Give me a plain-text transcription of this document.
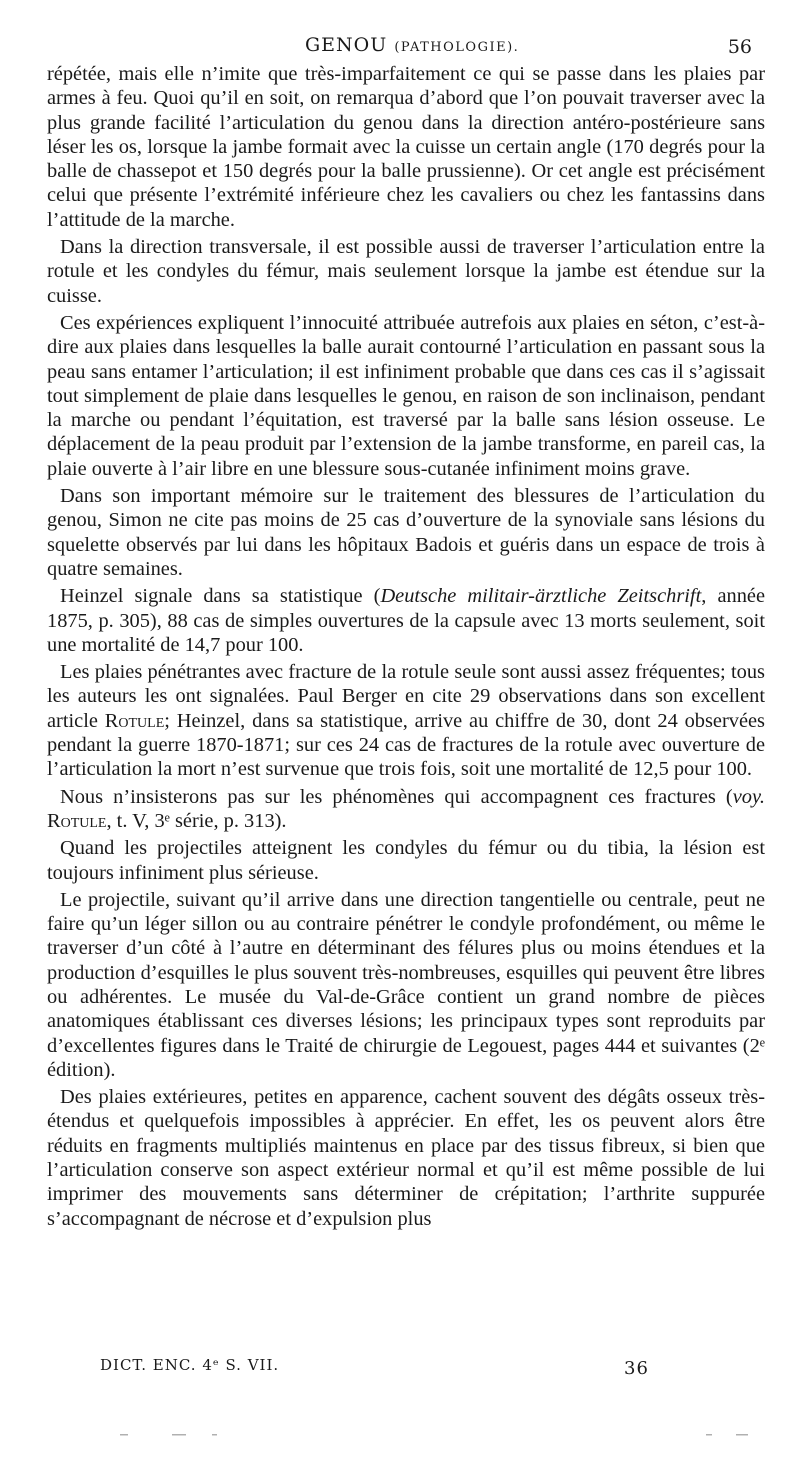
GENOU (PATHOLOGIE).	56

répétée, mais elle n’imite que très-imparfaitement ce qui se passe dans les plaies par armes à feu. Quoi qu’il en soit, on remarqua d’abord que l’on pouvait traverser avec la plus grande facilité l’articulation du genou dans la direction antéro-postérieure sans léser les os, lorsque la jambe formait avec la cuisse un certain angle (170 degrés pour la balle de chassepot et 150 degrés pour la balle prussienne). Or cet angle est précisément celui que présente l’extrémité inférieure chez les cavaliers ou chez les fantassins dans l’attitude de la marche.

Dans la direction transversale, il est possible aussi de traverser l’articulation entre la rotule et les condyles du fémur, mais seulement lorsque la jambe est étendue sur la cuisse.

Ces expériences expliquent l’innocuité attribuée autrefois aux plaies en séton, c’est-à-dire aux plaies dans lesquelles la balle aurait contourné l’articulation en passant sous la peau sans entamer l’articulation; il est infiniment probable que dans ces cas il s’agissait tout simplement de plaie dans lesquelles le genou, en raison de son inclinaison, pendant la marche ou pendant l’équitation, est traversé par la balle sans lésion osseuse. Le déplacement de la peau produit par l’extension de la jambe transforme, en pareil cas, la plaie ouverte à l’air libre en une blessure sous-cutanée infiniment moins grave.

Dans son important mémoire sur le traitement des blessures de l’articulation du genou, Simon ne cite pas moins de 25 cas d’ouverture de la synoviale sans lésions du squelette observés par lui dans les hôpitaux Badois et guéris dans un espace de trois à quatre semaines.

Heinzel signale dans sa statistique (Deutsche militair-ärztliche Zeitschrift, année 1875, p. 305), 88 cas de simples ouvertures de la capsule avec 13 morts seulement, soit une mortalité de 14,7 pour 100.

Les plaies pénétrantes avec fracture de la rotule seule sont aussi assez fréquentes; tous les auteurs les ont signalées. Paul Berger en cite 29 observations dans son excellent article Rotule; Heinzel, dans sa statistique, arrive au chiffre de 30, dont 24 observées pendant la guerre 1870-1871; sur ces 24 cas de fractures de la rotule avec ouverture de l’articulation la mort n’est survenue que trois fois, soit une mortalité de 12,5 pour 100.

Nous n’insisterons pas sur les phénomènes qui accompagnent ces fractures (voy. Rotule, t. V, 3ᵉ série, p. 313).

Quand les projectiles atteignent les condyles du fémur ou du tibia, la lésion est toujours infiniment plus sérieuse.

Le projectile, suivant qu’il arrive dans une direction tangentielle ou centrale, peut ne faire qu’un léger sillon ou au contraire pénétrer le condyle profondément, ou même le traverser d’un côté à l’autre en déterminant des félures plus ou moins étendues et la production d’esquilles le plus souvent très-nombreuses, esquilles qui peuvent être libres ou adhérentes. Le musée du Val-de-Grâce contient un grand nombre de pièces anatomiques établissant ces diverses lésions; les principaux types sont reproduits par d’excellentes figures dans le Traité de chirurgie de Legouest, pages 444 et suivantes (2ᵉ édition).

Des plaies extérieures, petites en apparence, cachent souvent des dégâts osseux très-étendus et quelquefois impossibles à apprécier. En effet, les os peuvent alors être réduits en fragments multipliés maintenus en place par des tissus fibreux, si bien que l’articulation conserve son aspect extérieur normal et qu’il est même possible de lui imprimer des mouvements sans déterminer de crépitation; l’arthrite suppurée s’accompagnant de nécrose et d’expulsion plus

DICT. ENC. 4ᵉ S. VII.	36
